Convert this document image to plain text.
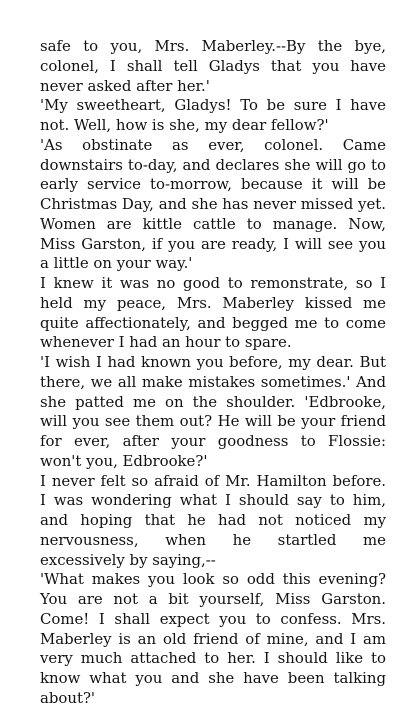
safe to you, Mrs. Maberley.--By the bye, colonel, I shall tell Gladys that you have never asked after her.'

'My sweetheart, Gladys! To be sure I have not. Well, how is she, my dear fellow?'

'As obstinate as ever, colonel. Came downstairs to-day, and declares she will go to early service to-morrow, because it will be Christmas Day, and she has never missed yet. Women are kittle cattle to manage. Now, Miss Garston, if you are ready, I will see you a little on your way.'

I knew it was no good to remonstrate, so I held my peace, Mrs. Maberley kissed me quite affectionately, and begged me to come whenever I had an hour to spare.

'I wish I had known you before, my dear. But there, we all make mistakes sometimes.' And she patted me on the shoulder. 'Edbrooke, will you see them out? He will be your friend for ever, after your goodness to Flossie: won't you, Edbrooke?'

I never felt so afraid of Mr. Hamilton before. I was wondering what I should say to him, and hoping that he had not noticed my nervousness, when he startled me excessively by saying,--

'What makes you look so odd this evening? You are not a bit yourself, Miss Garston. Come! I shall expect you to confess. Mrs. Maberley is an old friend of mine, and I am very much attached to her. I should like to know what you and she have been talking about?'
